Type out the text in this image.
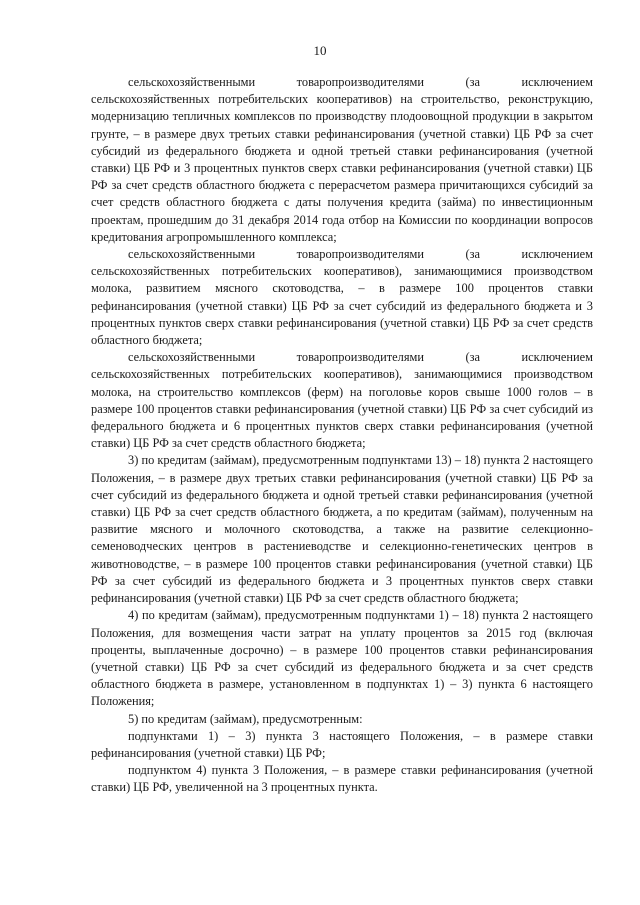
10

сельскохозяйственными товаропроизводителями (за исключением сельскохозяйственных потребительских кооперативов) на строительство, реконструкцию, модернизацию тепличных комплексов по производству плодоовощной продукции в закрытом грунте, – в размере двух третьих ставки рефинансирования (учетной ставки) ЦБ РФ за счет субсидий из федерального бюджета и одной третьей ставки рефинансирования (учетной ставки) ЦБ РФ и 3 процентных пунктов сверх ставки рефинансирования (учетной ставки) ЦБ РФ за счет средств областного бюджета с перерасчетом размера причитающихся субсидий за счет средств областного бюджета с даты получения кредита (займа) по инвестиционным проектам, прошедшим до 31 декабря 2014 года отбор на Комиссии по координации вопросов кредитования агропромышленного комплекса;

сельскохозяйственными товаропроизводителями (за исключением сельскохозяйственных потребительских кооперативов), занимающимися производством молока, развитием мясного скотоводства, – в размере 100 процентов ставки рефинансирования (учетной ставки) ЦБ РФ за счет субсидий из федерального бюджета и 3 процентных пунктов сверх ставки рефинансирования (учетной ставки) ЦБ РФ за счет средств областного бюджета;

сельскохозяйственными товаропроизводителями (за исключением сельскохозяйственных потребительских кооперативов), занимающимися производством молока, на строительство комплексов (ферм) на поголовье коров свыше 1000 голов – в размере 100 процентов ставки рефинансирования (учетной ставки) ЦБ РФ за счет субсидий из федерального бюджета и 6 процентных пунктов сверх ставки рефинансирования (учетной ставки) ЦБ РФ за счет средств областного бюджета;

3) по кредитам (займам), предусмотренным подпунктами 13) – 18) пункта 2 настоящего Положения, – в размере двух третьих ставки рефинансирования (учетной ставки) ЦБ РФ за счет субсидий из федерального бюджета и одной третьей ставки рефинансирования (учетной ставки) ЦБ РФ за счет средств областного бюджета, а по кредитам (займам), полученным на развитие мясного и молочного скотоводства, а также на развитие селекционно-семеноводческих центров в растениеводстве и селекционно-генетических центров в животноводстве, – в размере 100 процентов ставки рефинансирования (учетной ставки) ЦБ РФ за счет субсидий из федерального бюджета и 3 процентных пунктов сверх ставки рефинансирования (учетной ставки) ЦБ РФ за счет средств областного бюджета;

4) по кредитам (займам), предусмотренным подпунктами 1) – 18) пункта 2 настоящего Положения, для возмещения части затрат на уплату процентов за 2015 год (включая проценты, выплаченные досрочно) – в размере 100 процентов ставки рефинансирования (учетной ставки) ЦБ РФ за счет субсидий из федерального бюджета и за счет средств областного бюджета в размере, установленном в подпунктах 1) – 3) пункта 6 настоящего Положения;

5) по кредитам (займам), предусмотренным:

подпунктами 1) – 3) пункта 3 настоящего Положения, – в размере ставки рефинансирования (учетной ставки) ЦБ РФ;

подпунктом 4) пункта 3 Положения, – в размере ставки рефинансирования (учетной ставки) ЦБ РФ, увеличенной на 3 процентных пункта.
